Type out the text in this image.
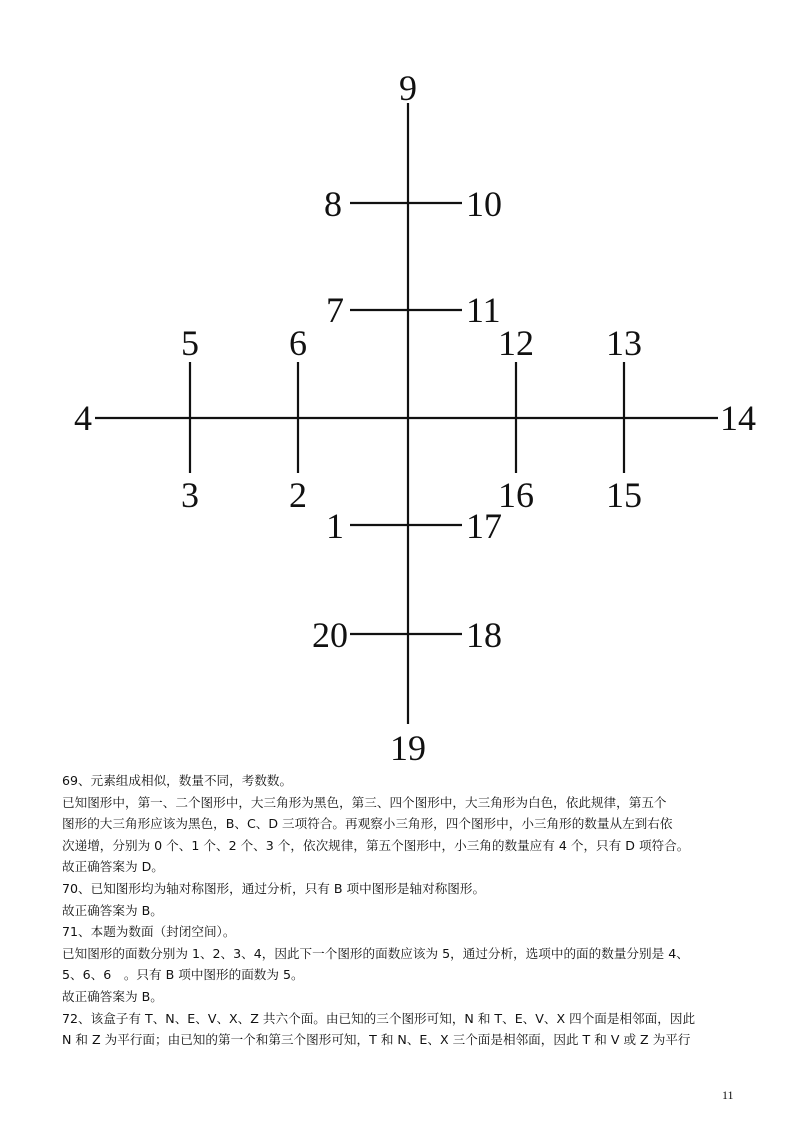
9
8	10
7	11
5	6	12 13
4	14
3	2	16 15
1	17
20	18
19

69、元素组成相似，数量不同，考数数。

已知图形中，第一、二个图形中，大三角形为黑色，第三、四个图形中，大三角形为白色，依此规律，第五个

图形的大三角形应该为黑色，B、C、D 三项符合。再观察小三角形，四个图形中，小三角形的数量从左到右依

次递增，分别为 0 个、1 个、2 个、3 个，依次规律，第五个图形中，小三角的数量应有 4 个，只有 D 项符合。

故正确答案为 D。

70、已知图形均为轴对称图形，通过分析，只有 B 项中图形是轴对称图形。

故正确答案为 B。

71、本题为数面（封闭空间）。

已知图形的面数分别为 1、2、3、4，因此下一个图形的面数应该为 5，通过分析，选项中的面的数量分别是 4、

5、6、6　。只有 B 项中图形的面数为 5。

故正确答案为 B。

72、该盒子有 T、N、E、V、X、Z 共六个面。由已知的三个图形可知，N 和 T、E、V、X 四个面是相邻面，因此

N 和 Z 为平行面；由已知的第一个和第三个图形可知，T 和 N、E、X 三个面是相邻面，因此 T 和 V 或 Z 为平行

11
